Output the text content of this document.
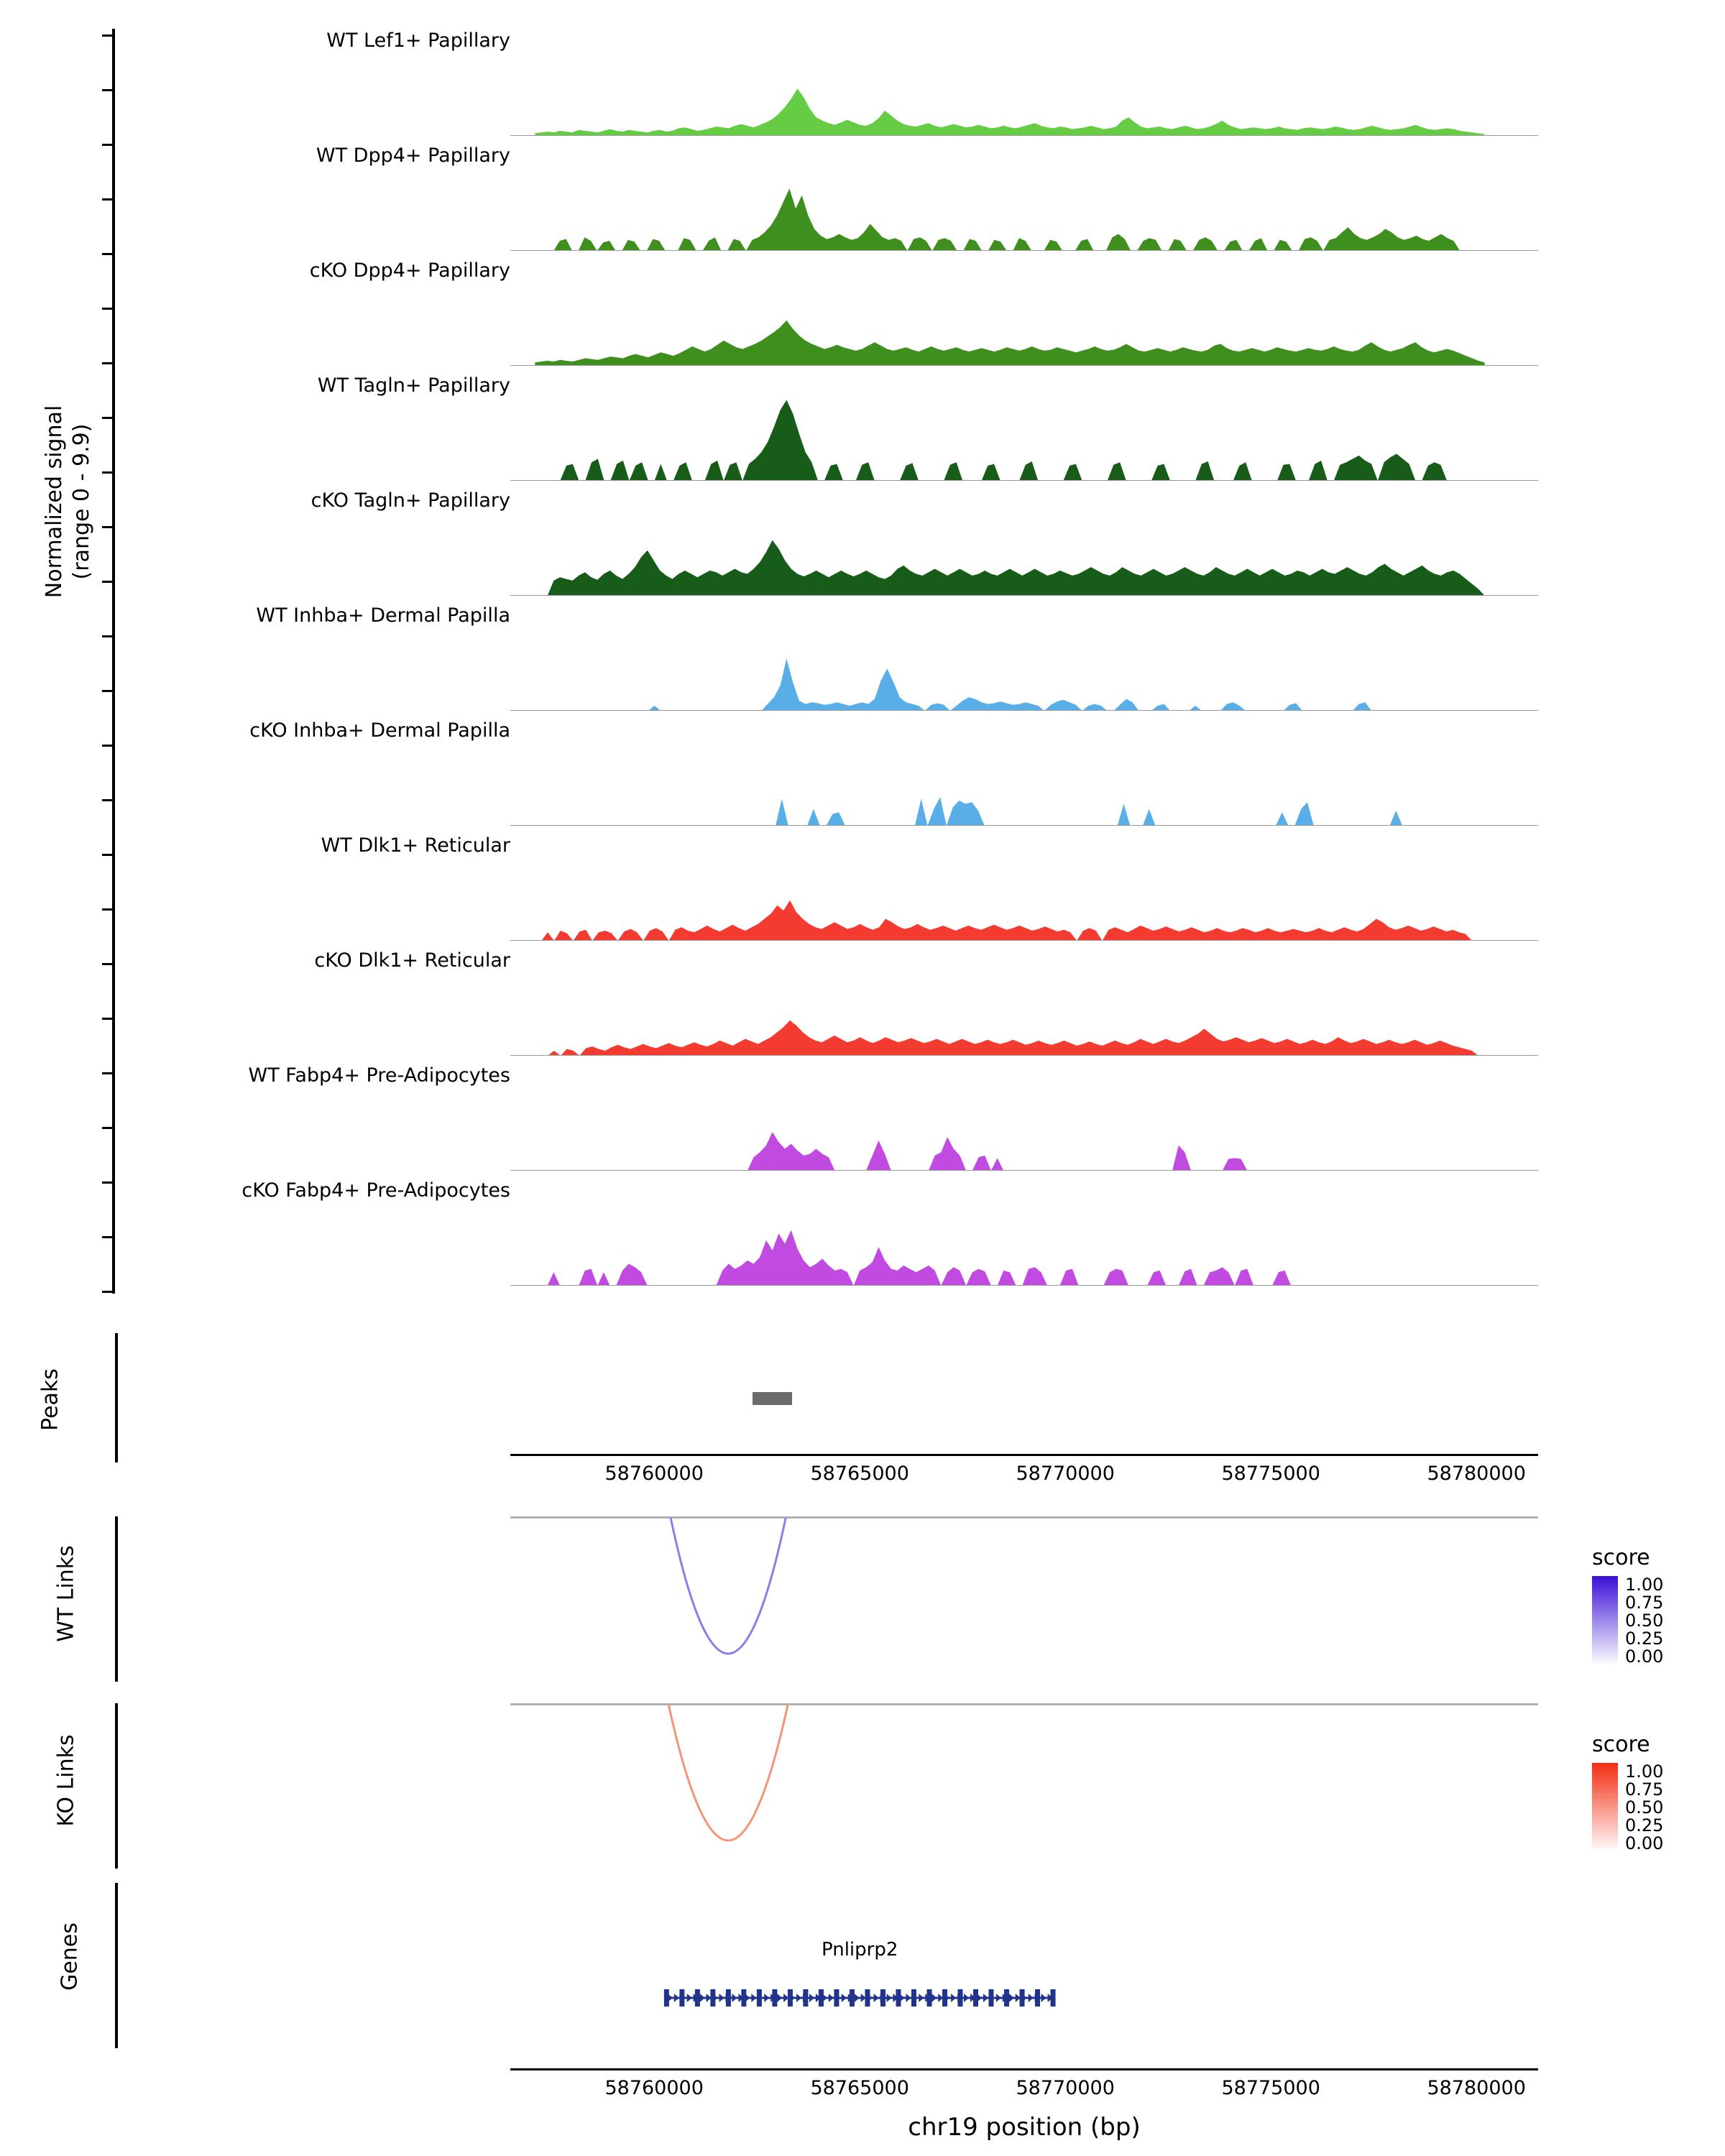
Normalized signal (range 0 - 9.9)
WT Lef1+ Papillary
WT Dpp4+ Papillary
cKO Dpp4+ Papillary
WT Tagln+ Papillary
cKO Tagln+ Papillary
WT Inhba+ Dermal Papilla
cKO Inhba+ Dermal Papilla
WT Dlk1+ Reticular
cKO Dlk1+ Reticular
WT Fabp4+ Pre-Adipocytes
cKO Fabp4+ Pre-Adipocytes
Peaks
58760000	58765000	58770000	58775000	58780000
WT Links	score
1.00
0.75
0.50
0.25
0.00
KO Links	score
1.00
0.75
0.50
0.25
0.00
Genes	Pnliprp2
58760000	58765000	58770000	58775000	58780000
chr19 position (bp)
